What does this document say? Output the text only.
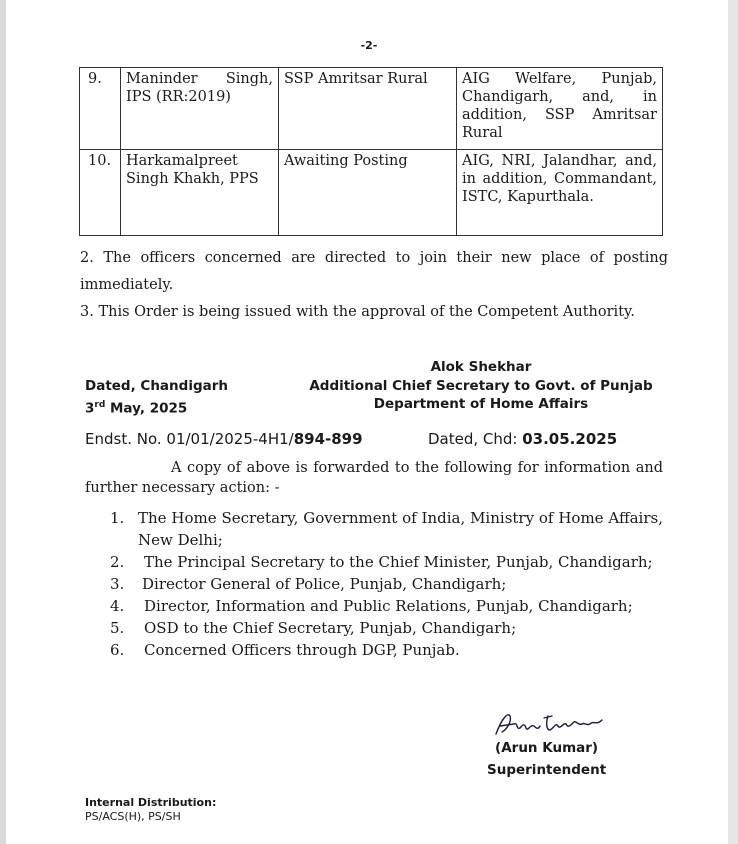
-2-
9.	Maninder Singh, IPS (RR:2019)	SSP Amritsar Rural	AIG Welfare, Punjab, Chandigarh, and, in addition, SSP Amritsar Rural
10.	Harkamalpreet Singh Khakh, PPS	Awaiting Posting	AIG, NRI, Jalandhar, and, in addition, Commandant, ISTC, Kapurthala.
2. The officers concerned are directed to join their new place of posting immediately.
3. This Order is being issued with the approval of the Competent Authority.
Alok Shekhar
Additional Chief Secretary to Govt. of Punjab
Department of Home Affairs
Dated, Chandigarh
3rd May, 2025
Endst. No. 01/01/2025-4H1/894-899	Dated, Chd: 03.05.2025
A copy of above is forwarded to the following for information and further necessary action: -
1. The Home Secretary, Government of India, Ministry of Home Affairs, New Delhi;
2. The Principal Secretary to the Chief Minister, Punjab, Chandigarh;
3. Director General of Police, Punjab, Chandigarh;
4. Director, Information and Public Relations, Punjab, Chandigarh;
5. OSD to the Chief Secretary, Punjab, Chandigarh;
6. Concerned Officers through DGP, Punjab.
(Arun Kumar)
Superintendent
Internal Distribution:
PS/ACS(H), PS/SH
